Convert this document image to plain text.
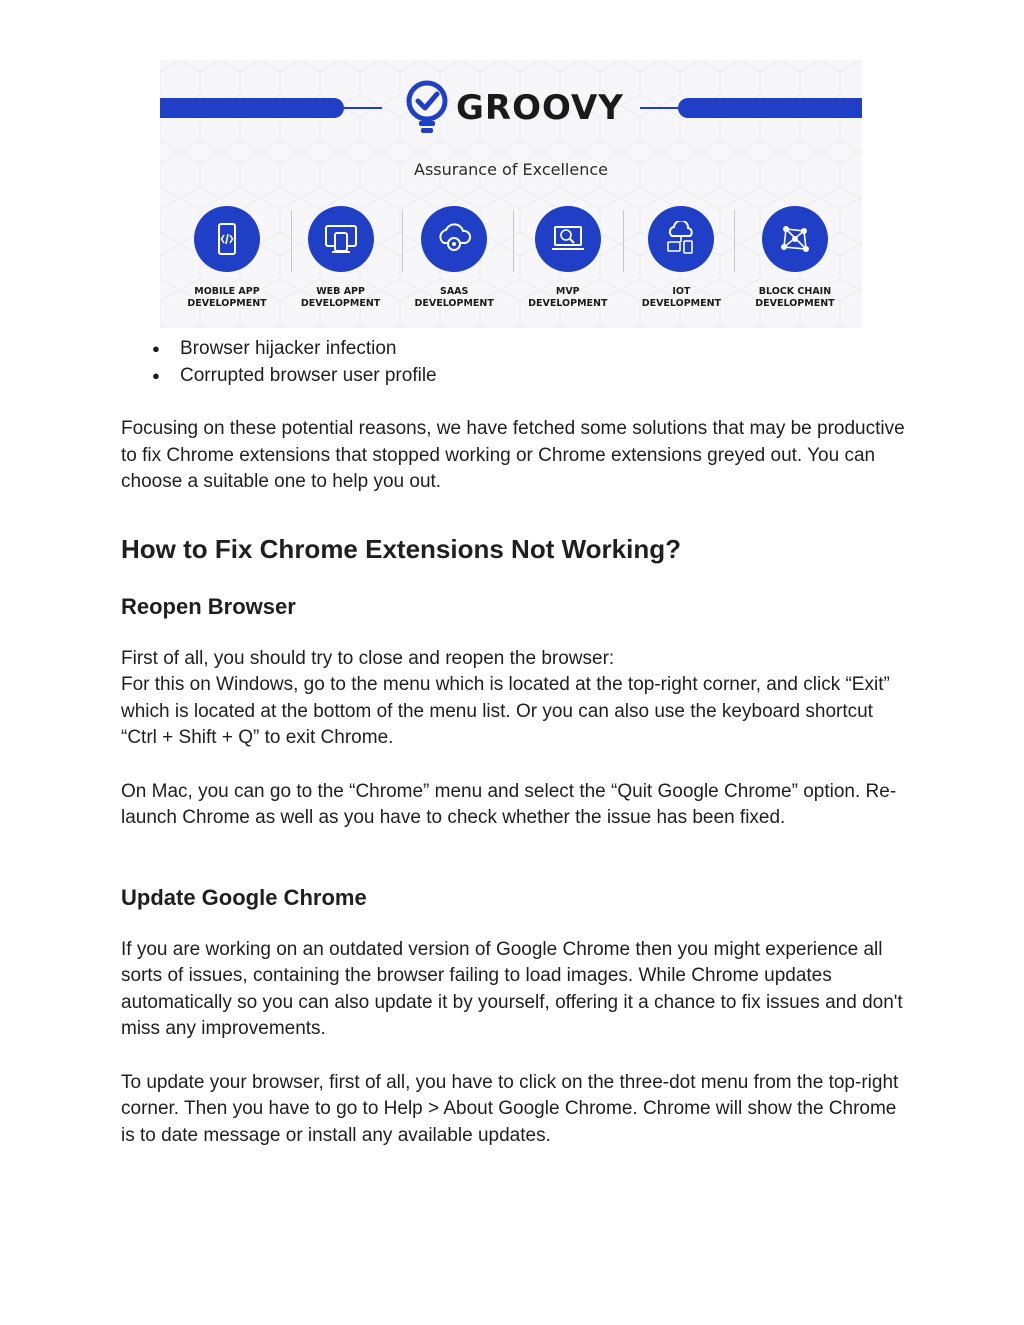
GROOVY
Assurance of Excellence
MOBILE APP
DEVELOPMENT
WEB APP
DEVELOPMENT
SAAS
DEVELOPMENT
MVP
DEVELOPMENT
IOT
DEVELOPMENT
BLOCK CHAIN
DEVELOPMENT
● Browser hijacker infection
● Corrupted browser user profile

Focusing on these potential reasons, we have fetched some solutions that may be productive to fix Chrome extensions that stopped working or Chrome extensions greyed out. You can choose a suitable one to help you out.

How to Fix Chrome Extensions Not Working?
Reopen Browser

First of all, you should try to close and reopen the browser:

For this on Windows, go to the menu which is located at the top-right corner, and click “Exit” which is located at the bottom of the menu list. Or you can also use the keyboard shortcut “Ctrl + Shift + Q” to exit Chrome.

On Mac, you can go to the “Chrome” menu and select the “Quit Google Chrome” option. Re-launch Chrome as well as you have to check whether the issue has been fixed.

Update Google Chrome

If you are working on an outdated version of Google Chrome then you might experience all sorts of issues, containing the browser failing to load images. While Chrome updates automatically so you can also update it by yourself, offering it a chance to fix issues and don't miss any improvements.

To update your browser, first of all, you have to click on the three-dot menu from the top-right corner. Then you have to go to Help > About Google Chrome. Chrome will show the Chrome is to date message or install any available updates.
